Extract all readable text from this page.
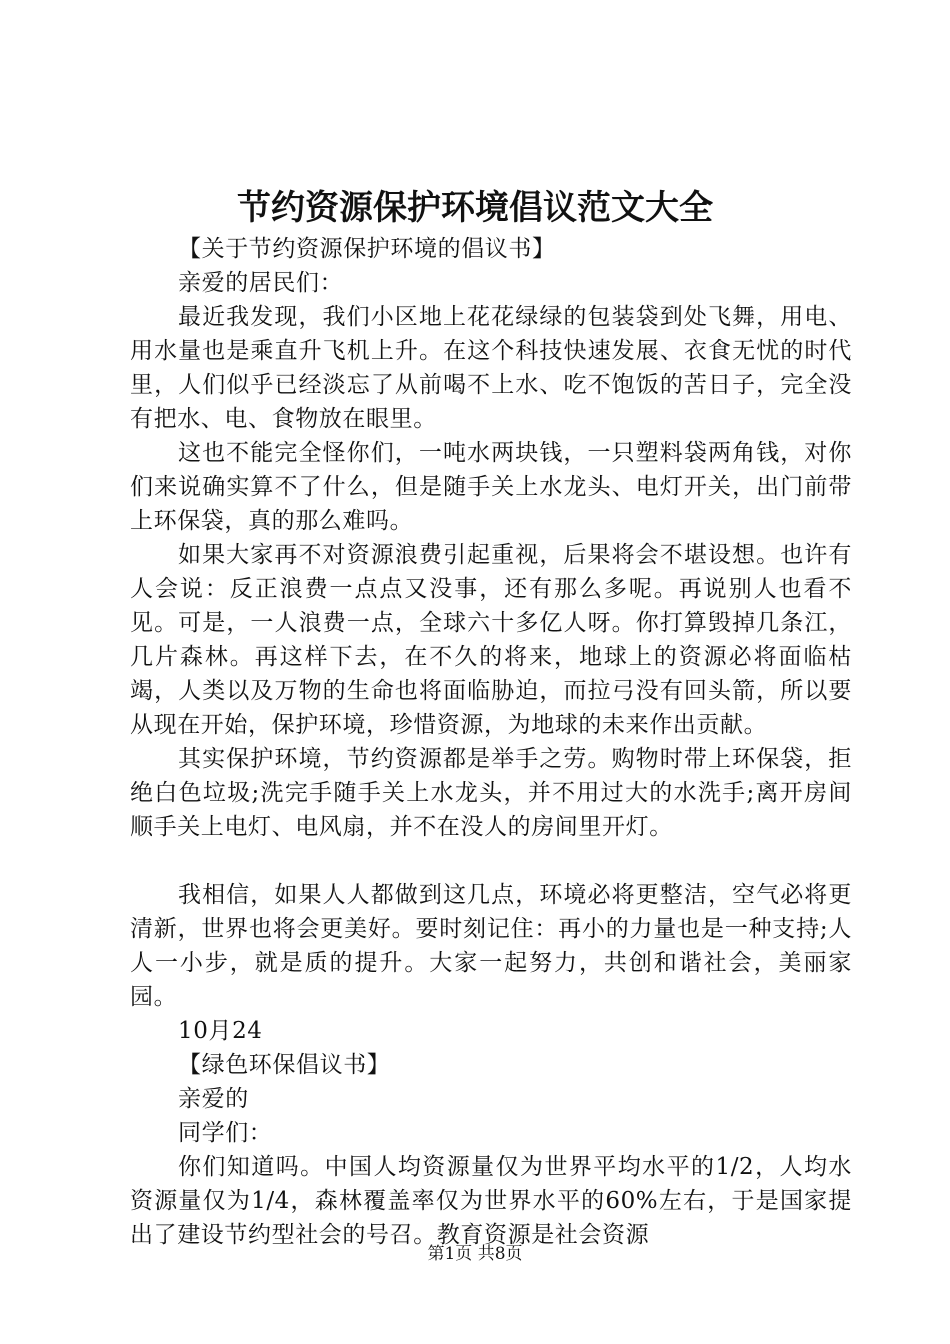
节约资源保护环境倡议范文大全

【关于节约资源保护环境的倡议书】

亲爱的居民们：

最近我发现，我们小区地上花花绿绿的包装袋到处飞舞，用电、用水量也是乘直升飞机上升。在这个科技快速发展、衣食无忧的时代里，人们似乎已经淡忘了从前喝不上水、吃不饱饭的苦日子，完全没有把水、电、食物放在眼里。

这也不能完全怪你们，一吨水两块钱，一只塑料袋两角钱，对你们来说确实算不了什么，但是随手关上水龙头、电灯开关，出门前带上环保袋，真的那么难吗。

如果大家再不对资源浪费引起重视，后果将会不堪设想。也许有人会说：反正浪费一点点又没事，还有那么多呢。再说别人也看不见。可是，一人浪费一点，全球六十多亿人呀。你打算毁掉几条江，几片森林。再这样下去，在不久的将来，地球上的资源必将面临枯竭，人类以及万物的生命也将面临胁迫，而拉弓没有回头箭，所以要从现在开始，保护环境，珍惜资源，为地球的未来作出贡献。

其实保护环境，节约资源都是举手之劳。购物时带上环保袋，拒绝白色垃圾;洗完手随手关上水龙头，并不用过大的水洗手;离开房间顺手关上电灯、电风扇，并不在没人的房间里开灯。

我相信，如果人人都做到这几点，环境必将更整洁，空气必将更清新，世界也将会更美好。要时刻记住：再小的力量也是一种支持;人人一小步，就是质的提升。大家一起努力，共创和谐社会，美丽家园。

10月24

【绿色环保倡议书】

亲爱的

同学们：

你们知道吗。中国人均资源量仅为世界平均水平的1/2，人均水资源量仅为1/4，森林覆盖率仅为世界水平的60%左右，于是国家提出了建设节约型社会的号召。教育资源是社会资源

第1页 共8页
